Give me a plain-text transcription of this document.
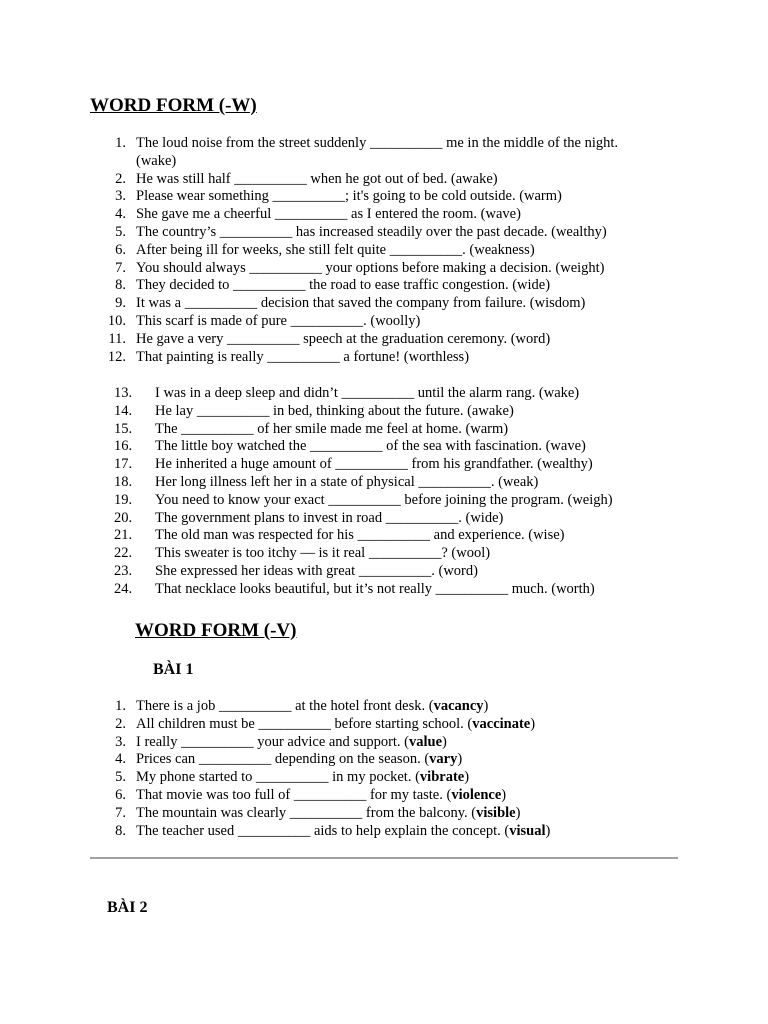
WORD FORM (-W)
1. The loud noise from the street suddenly __________ me in the middle of the night. (wake)
2. He was still half __________ when he got out of bed. (awake)
3. Please wear something __________; it's going to be cold outside. (warm)
4. She gave me a cheerful __________ as I entered the room. (wave)
5. The country’s __________ has increased steadily over the past decade. (wealthy)
6. After being ill for weeks, she still felt quite __________. (weakness)
7. You should always __________ your options before making a decision. (weight)
8. They decided to __________ the road to ease traffic congestion. (wide)
9. It was a __________ decision that saved the company from failure. (wisdom)
10. This scarf is made of pure __________. (woolly)
11. He gave a very __________ speech at the graduation ceremony. (word)
12. That painting is really __________ a fortune! (worthless)
13. I was in a deep sleep and didn’t __________ until the alarm rang. (wake)
14. He lay __________ in bed, thinking about the future. (awake)
15. The __________ of her smile made me feel at home. (warm)
16. The little boy watched the __________ of the sea with fascination. (wave)
17. He inherited a huge amount of __________ from his grandfather. (wealthy)
18. Her long illness left her in a state of physical __________. (weak)
19. You need to know your exact __________ before joining the program. (weigh)
20. The government plans to invest in road __________. (wide)
21. The old man was respected for his __________ and experience. (wise)
22. This sweater is too itchy — is it real __________? (wool)
23. She expressed her ideas with great __________. (word)
24. That necklace looks beautiful, but it’s not really __________ much. (worth)
WORD FORM (-V)
BÀI 1
1. There is a job __________ at the hotel front desk. (vacancy)
2. All children must be __________ before starting school. (vaccinate)
3. I really __________ your advice and support. (value)
4. Prices can __________ depending on the season. (vary)
5. My phone started to __________ in my pocket. (vibrate)
6. That movie was too full of __________ for my taste. (violence)
7. The mountain was clearly __________ from the balcony. (visible)
8. The teacher used __________ aids to help explain the concept. (visual)
BÀI 2
